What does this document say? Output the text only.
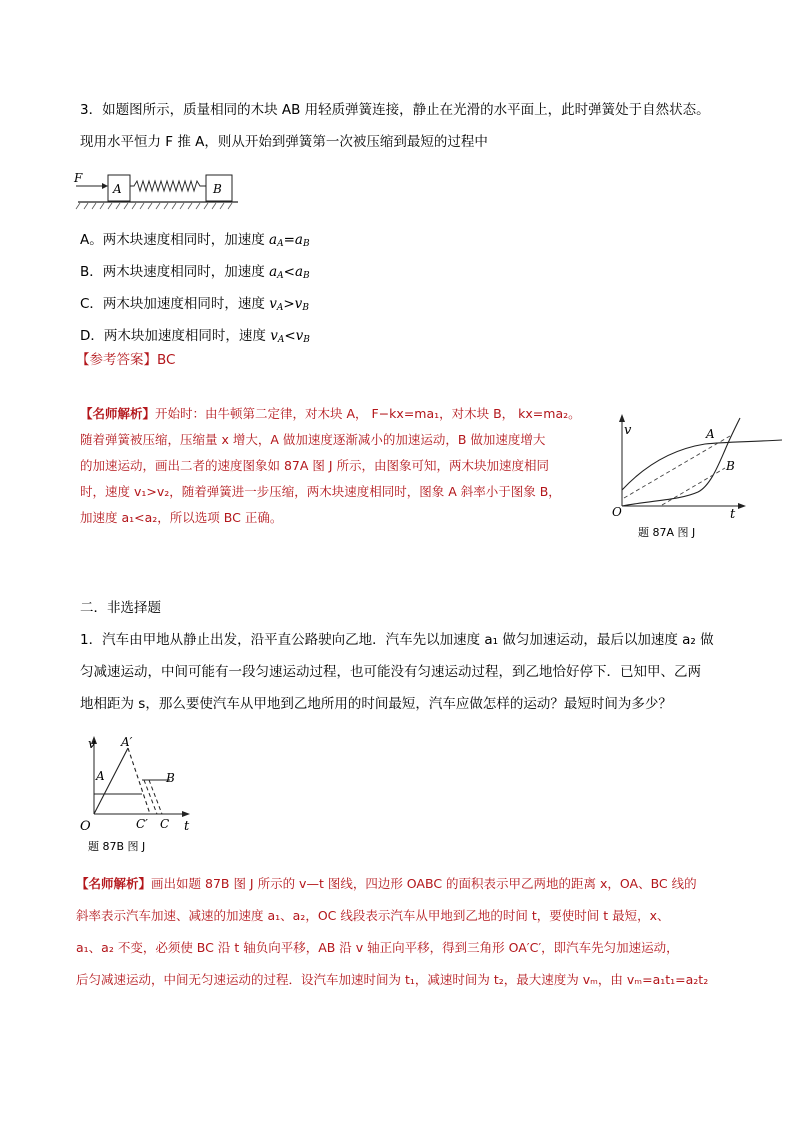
3．如题图所示，质量相同的木块 AB 用轻质弹簧连接，静止在光滑的水平面上，此时弹簧处于自然状态。
现用水平恒力 F 推 A，则从开始到弹簧第一次被压缩到最短的过程中
F
A	B
A。两木块速度相同时，加速度 $a_A=a_B$
B．两木块速度相同时，加速度 $a_A<a_B$
C．两木块加速度相同时，速度 $v_A>v_B$
D．两木块加速度相同时，速度 $v_A<v_B$
【参考答案】BC
【名师解析】开始时：由牛顿第二定律，对木块 A， F−kx=ma₁，对木块 B， kx=ma₂。
随着弹簧被压缩，压缩量 x 增大，A 做加速度逐渐减小的加速运动，B 做加速度增大
的加速运动，画出二者的速度图象如 87A 图 J 所示，由图象可知，两木块加速度相同
时，速度 v₁>v₂，随着弹簧进一步压缩，两木块速度相同时，图象 A 斜率小于图象 B，
加速度 a₁<a₂，所以选项 BC 正确。
v
t
O
A
B
题 87A 图 J
二．非选择题
1．汽车由甲地从静止出发，沿平直公路驶向乙地．汽车先以加速度 a₁ 做匀加速运动，最后以加速度 a₂ 做
匀减速运动，中间可能有一段匀速运动过程，也可能没有匀速运动过程，到乙地恰好停下．已知甲、乙两
地相距为 s，那么要使汽车从甲地到乙地所用的时间最短，汽车应做怎样的运动？最短时间为多少？
v
t
O
A′
A	B
C′ C
题 87B 图 J
【名师解析】画出如题 87B 图 J 所示的 v—t 图线，四边形 OABC 的面积表示甲乙两地的距离 x，OA、BC 线的
斜率表示汽车加速、减速的加速度 a₁、a₂，OC 线段表示汽车从甲地到乙地的时间 t，要使时间 t 最短，x、
a₁、a₂ 不变，必须使 BC 沿 t 轴负向平移，AB 沿 v 轴正向平移，得到三角形 OA′C′，即汽车先匀加速运动，
后匀减速运动，中间无匀速运动的过程．设汽车加速时间为 t₁，减速时间为 t₂，最大速度为 vₘ，由 vₘ=a₁t₁=a₂t₂
